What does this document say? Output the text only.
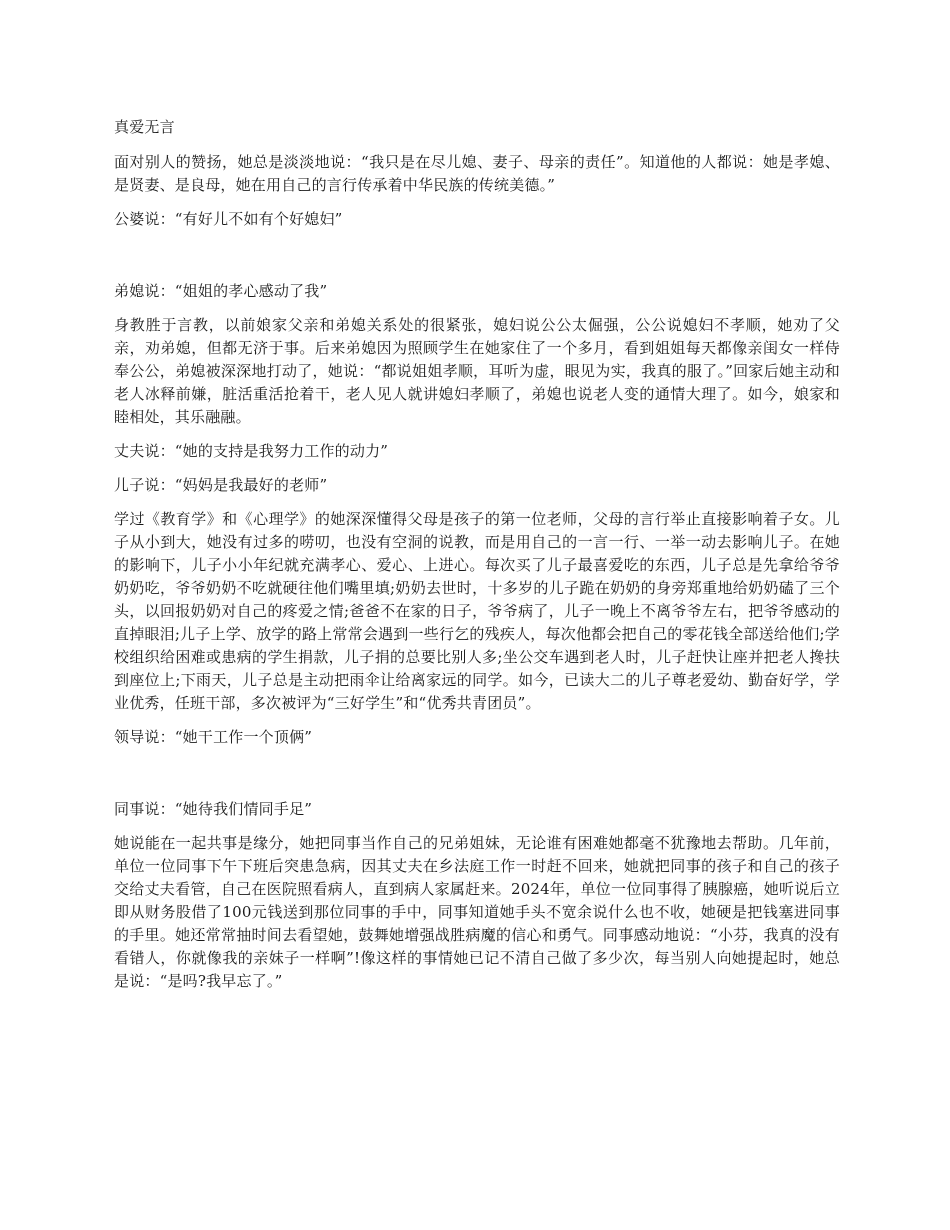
真爱无言

面对别人的赞扬，她总是淡淡地说：“我只是在尽儿媳、妻子、母亲的责任”。知道他的人都说：她是孝媳、是贤妻、是良母，她在用自己的言行传承着中华民族的传统美德。”

公婆说：“有好儿不如有个好媳妇”

弟媳说：“姐姐的孝心感动了我”

身教胜于言教，以前娘家父亲和弟媳关系处的很紧张，媳妇说公公太倔强，公公说媳妇不孝顺，她劝了父亲，劝弟媳，但都无济于事。后来弟媳因为照顾学生在她家住了一个多月，看到姐姐每天都像亲闺女一样侍奉公公，弟媳被深深地打动了，她说：“都说姐姐孝顺，耳听为虚，眼见为实，我真的服了。”回家后她主动和老人冰释前嫌，脏活重活抢着干，老人见人就讲媳妇孝顺了，弟媳也说老人变的通情大理了。如今，娘家和睦相处，其乐融融。

丈夫说：“她的支持是我努力工作的动力”

儿子说：“妈妈是我最好的老师”

学过《教育学》和《心理学》的她深深懂得父母是孩子的第一位老师，父母的言行举止直接影响着子女。儿子从小到大，她没有过多的唠叨，也没有空洞的说教，而是用自己的一言一行、一举一动去影响儿子。在她的影响下，儿子小小年纪就充满孝心、爱心、上进心。每次买了儿子最喜爱吃的东西，儿子总是先拿给爷爷奶奶吃，爷爷奶奶不吃就硬往他们嘴里填;奶奶去世时，十多岁的儿子跪在奶奶的身旁郑重地给奶奶磕了三个头，以回报奶奶对自己的疼爱之情;爸爸不在家的日子，爷爷病了，儿子一晚上不离爷爷左右，把爷爷感动的直掉眼泪;儿子上学、放学的路上常常会遇到一些行乞的残疾人，每次他都会把自己的零花钱全部送给他们;学校组织给困难或患病的学生捐款，儿子捐的总要比别人多;坐公交车遇到老人时，儿子赶快让座并把老人搀扶到座位上;下雨天，儿子总是主动把雨伞让给离家远的同学。如今，已读大二的儿子尊老爱幼、勤奋好学，学业优秀，任班干部，多次被评为“三好学生”和“优秀共青团员”。

领导说：“她干工作一个顶俩”

同事说：“她待我们情同手足”

她说能在一起共事是缘分，她把同事当作自己的兄弟姐妹，无论谁有困难她都毫不犹豫地去帮助。几年前，单位一位同事下午下班后突患急病，因其丈夫在乡法庭工作一时赶不回来，她就把同事的孩子和自己的孩子交给丈夫看管，自己在医院照看病人，直到病人家属赶来。2024年，单位一位同事得了胰腺癌，她听说后立即从财务股借了100元钱送到那位同事的手中，同事知道她手头不宽余说什么也不收，她硬是把钱塞进同事的手里。她还常常抽时间去看望她，鼓舞她增强战胜病魔的信心和勇气。同事感动地说：“小芬，我真的没有看错人，你就像我的亲妹子一样啊”!像这样的事情她已记不清自己做了多少次，每当别人向她提起时，她总是说：“是吗?我早忘了。”
